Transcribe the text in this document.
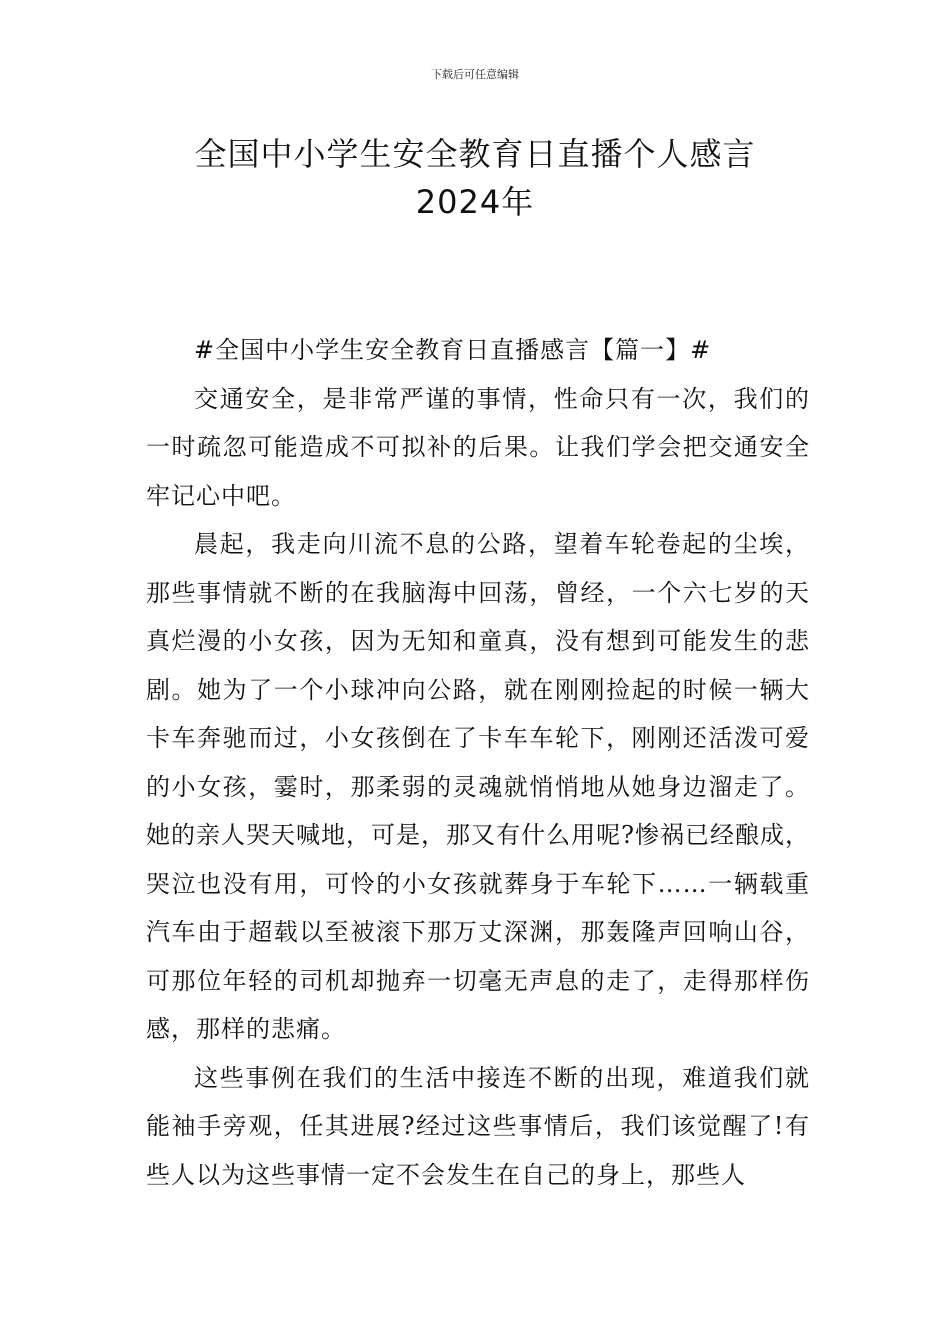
下载后可任意编辑
全国中小学生安全教育日直播个人感言
2024年

#全国中小学生安全教育日直播感言【篇一】#

交通安全，是非常严谨的事情，性命只有一次，我们的一时疏忽可能造成不可拟补的后果。让我们学会把交通安全牢记心中吧。

晨起，我走向川流不息的公路，望着车轮卷起的尘埃，那些事情就不断的在我脑海中回荡，曾经，一个六七岁的天真烂漫的小女孩，因为无知和童真，没有想到可能发生的悲剧。她为了一个小球冲向公路，就在刚刚捡起的时候一辆大卡车奔驰而过，小女孩倒在了卡车车轮下，刚刚还活泼可爱的小女孩，霎时，那柔弱的灵魂就悄悄地从她身边溜走了。她的亲人哭天喊地，可是，那又有什么用呢?惨祸已经酿成，哭泣也没有用，可怜的小女孩就葬身于车轮下……一辆载重汽车由于超载以至被滚下那万丈深渊，那轰隆声回响山谷，可那位年轻的司机却抛弃一切毫无声息的走了，走得那样伤感，那样的悲痛。

这些事例在我们的生活中接连不断的出现，难道我们就能袖手旁观，任其进展?经过这些事情后，我们该觉醒了!有些人以为这些事情一定不会发生在自己的身上，那些人
